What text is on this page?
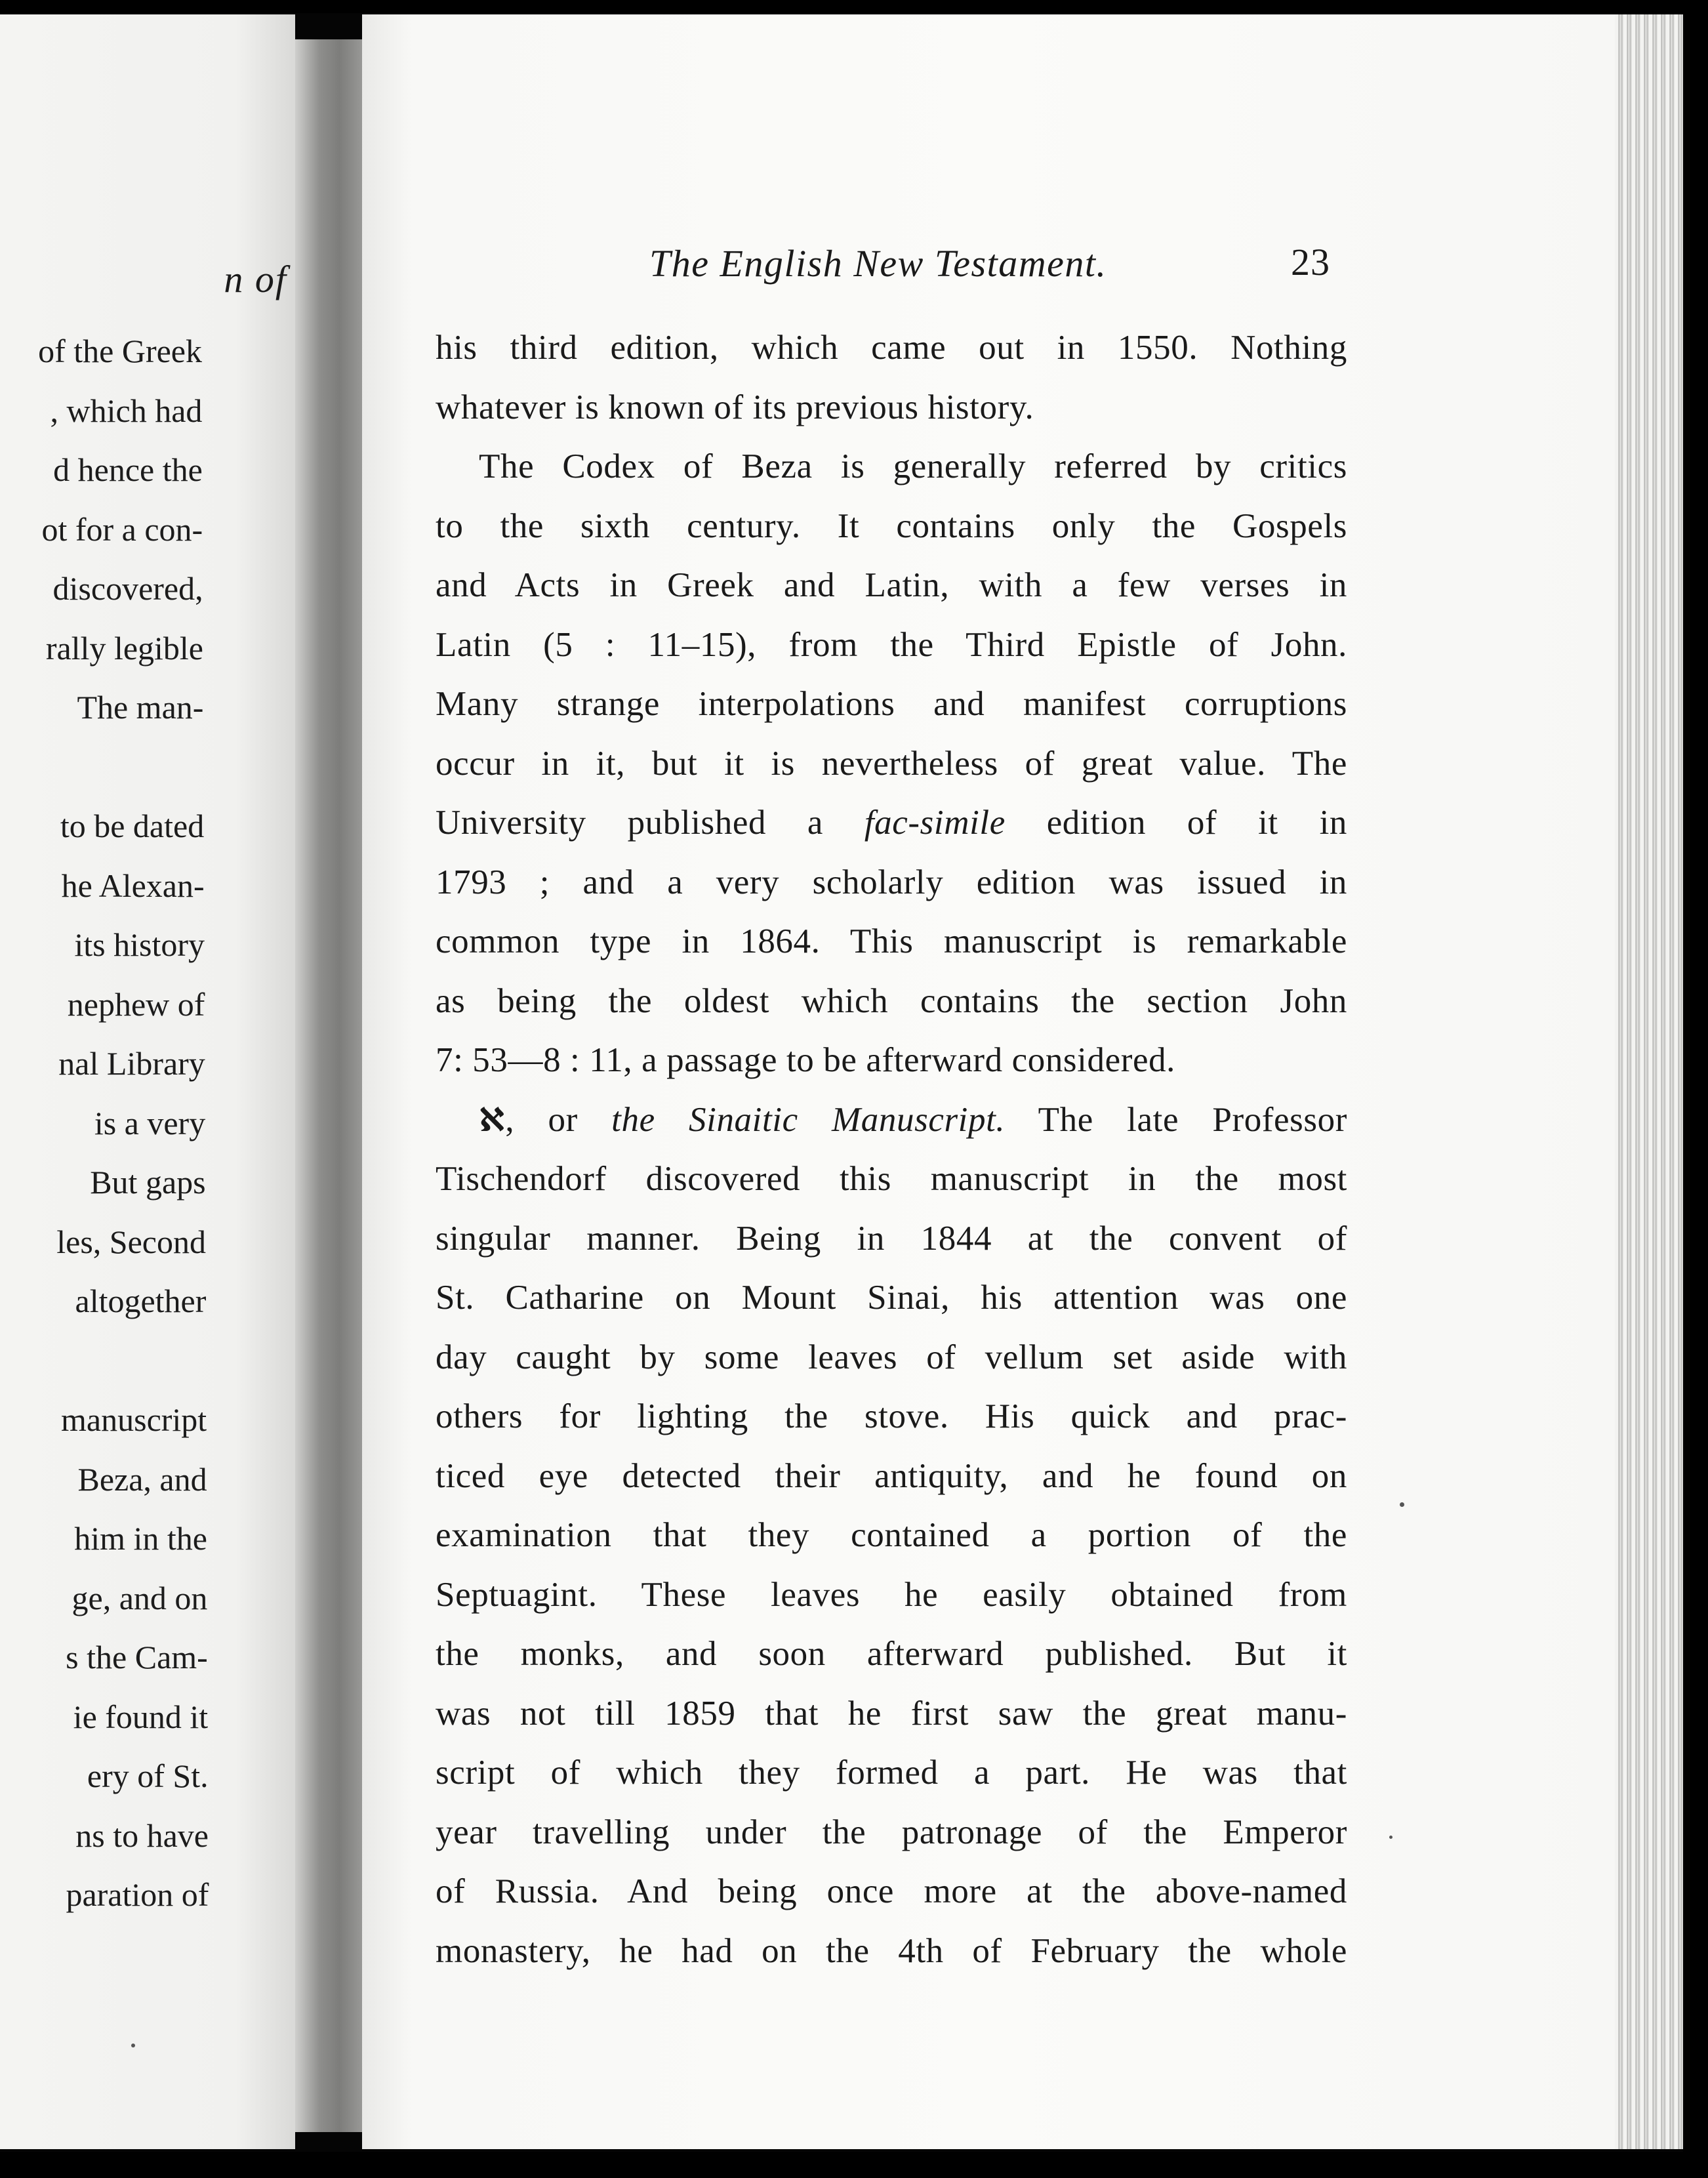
n of
of the Greek
, which had
d hence the
ot for a con-
discovered,
rally legible
The man-
to be dated
he Alexan-
its history
nephew of
nal Library
is a very
But gaps
les, Second
altogether
manuscript
Beza, and
him in the
ge, and on
s the Cam-
ie found it
ery of St.
ns to have
paration of
The English New Testament.	23
his third edition, which came out in 1550. Nothing
whatever is known of its previous history.
The Codex of Beza is generally referred by critics
to the sixth century. It contains only the Gospels
and Acts in Greek and Latin, with a few verses in
Latin (5 : 11–15), from the Third Epistle of John.
Many strange interpolations and manifest corruptions
occur in it, but it is nevertheless of great value. The
University published a fac-simile edition of it in
1793 ; and a very scholarly edition was issued in
common type in 1864. This manuscript is remarkable
as being the oldest which contains the section John
7: 53—8 : 11, a passage to be afterward considered.
ℵ, or the Sinaitic Manuscript. The late Professor
Tischendorf discovered this manuscript in the most
singular manner. Being in 1844 at the convent of
St. Catharine on Mount Sinai, his attention was one
day caught by some leaves of vellum set aside with
others for lighting the stove. His quick and prac-
ticed eye detected their antiquity, and he found on
examination that they contained a portion of the
Septuagint. These leaves he easily obtained from
the monks, and soon afterward published. But it
was not till 1859 that he first saw the great manu-
script of which they formed a part. He was that
year travelling under the patronage of the Emperor
of Russia. And being once more at the above-named
monastery, he had on the 4th of February the whole
